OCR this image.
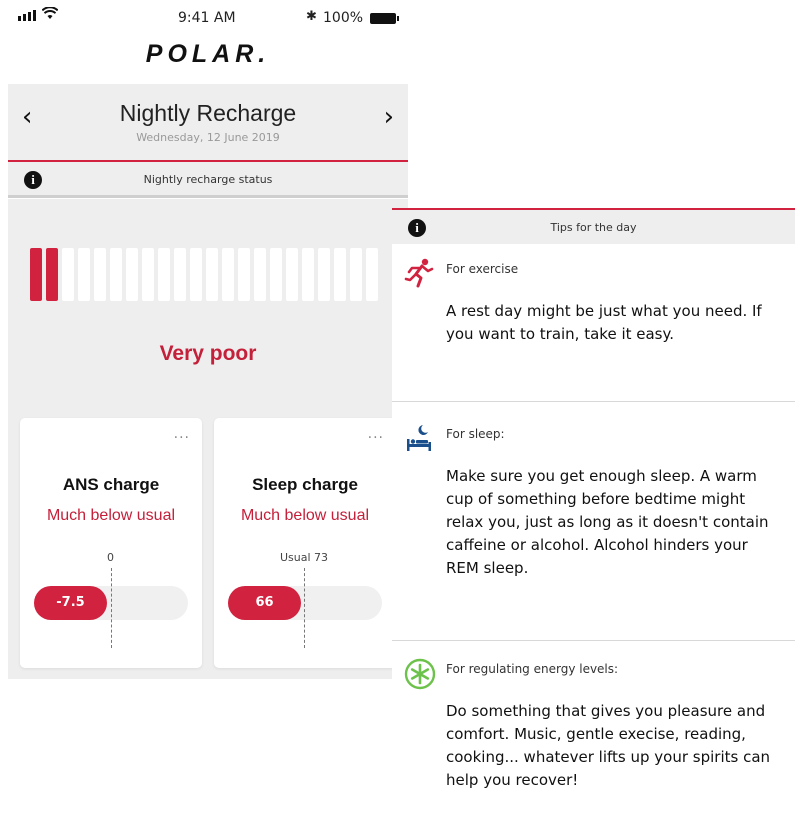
9:41 AM	✱ 100%
POLAR.
‹	Nightly Recharge
Wednesday, 12 June 2019
›
i	Nightly recharge status
Very poor
...
ANS charge
Much below usual
0
-7.5
...
Sleep charge
Much below usual
Usual 73
66
i	Tips for the day
For exercise
A rest day might be just what you need. If you want to train, take it easy.
For sleep:
Make sure you get enough sleep. A warm cup of something before bedtime might relax you, just as long as it doesn't contain caffeine or alcohol. Alcohol hinders your REM sleep.
For regulating energy levels:
Do something that gives you pleasure and comfort. Music, gentle execise, reading, cooking... whatever lifts up your spirits can help you recover!
